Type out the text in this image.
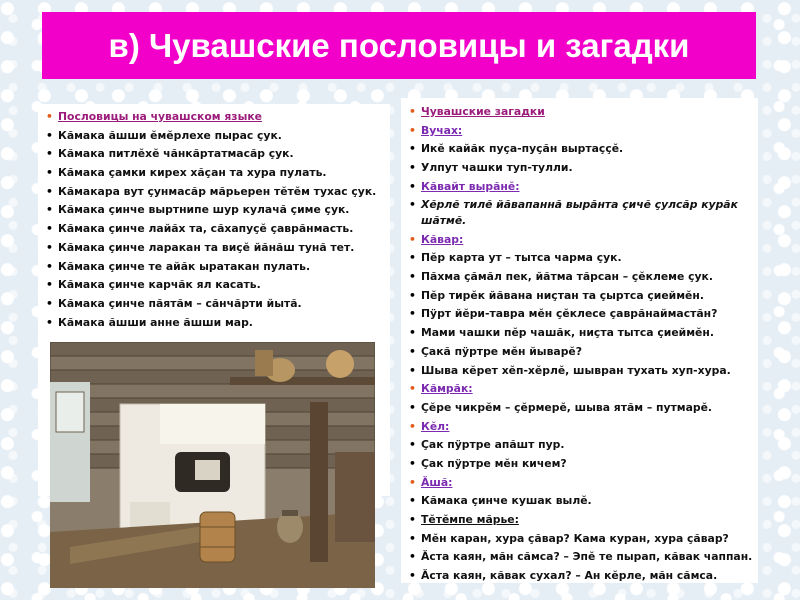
в) Чувашские пословицы и загадки
• Пословицы на чувашском языке
• Кăмака ăшши ĕмĕрлехе пырас çук.
• Кăмака питлĕхĕ чăнкăртатмасăр çук.
• Кăмака çамки кирех хăçан та хура пулать.
• Кăмакара вут çунмасăр мăрьерен тĕтĕм тухас çук.
• Кăмака çинче выртнипе шур кулачă çиме çук.
• Кăмака çинче лайăх та, сăхапуçĕ çаврăнмасть.
• Кăмака çинче ларакан та виçĕ йăнăш тунă тет.
• Кăмака çинче те айăк ыратакан пулать.
• Кăмака çинче карчăк ял касать.
• Кăмака çинче пăятăм – сăнчăрти йытă.
• Кăмака ăшши анне ăшши мар.
• Чувашские загадки
• Вучах:
• Икĕ кайăк пуçа-пуçăн выртаççĕ.
• Улпут чашки туп-тулли.
• Кăвайт вырăнĕ:
• Хĕрлĕ тилĕ йăвапаннă вырăнта çичĕ çулсăр курăк шăтмĕ.
• Кăвар:
• Пĕр карта ут – тытса чарма çук.
• Пăхма çăмăл пек, йăтма тăрсан – çĕклеме çук.
• Пĕр тирĕк йăвана ниçтан та çыртса çиеймĕн.
• Пÿрт йĕри-тавра мĕн çĕклесе çаврăнаймастăн?
• Мами чашки пĕр чашăк, ниçта тытса çиеймĕн.
• Çакă пÿртре мĕн йыварĕ?
• Шыва кĕрет хĕп-хĕрлĕ, шывран тухать хуп-хура.
• Кăмрăк:
• Çĕре чикрĕм – çĕрмерĕ, шыва ятăм – путмарĕ.
• Кĕл:
• Çак пÿртре апăшт пур.
• Çак пÿртре мĕн кичем?
• Ăшă:
• Кăмака çинче кушак вылĕ.
• Тĕтĕмпе мăрье:
• Мĕн каран, хура çăвар? Кама куран, хура çăвар?
• Ăста каян, мăн сăмса? – Эпĕ те пырап, кăвак чаппан.
• Ăста каян, кăвак сухал? – Ан кĕрле, мăн сăмса.
